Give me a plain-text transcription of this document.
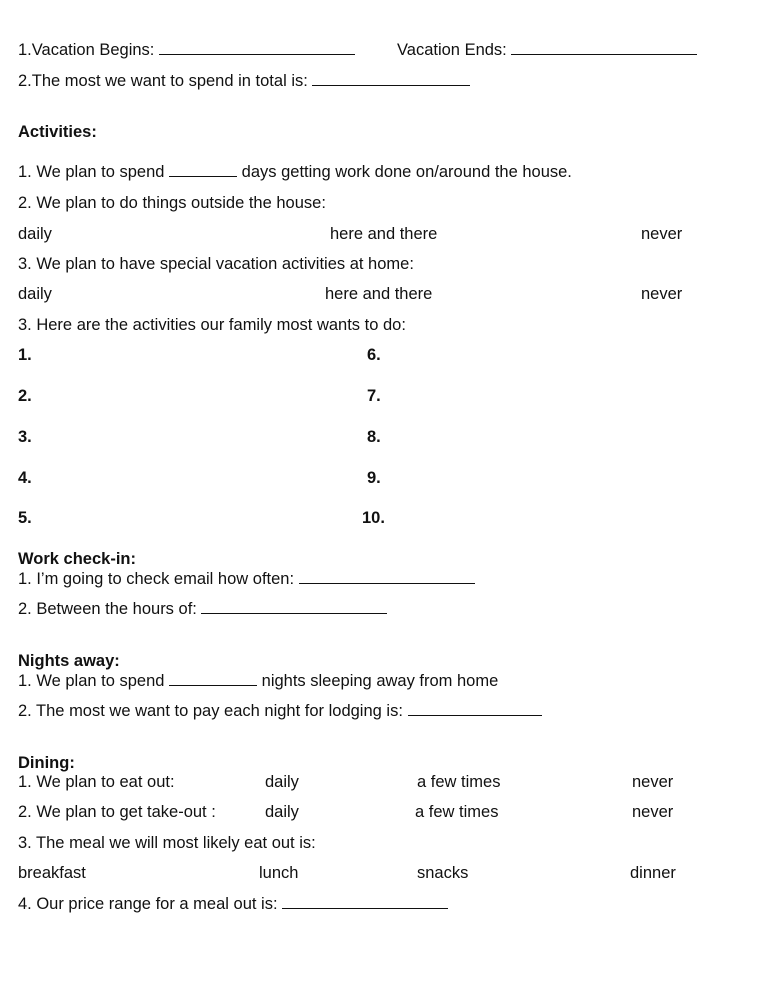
1.Vacation Begins:	Vacation Ends:
2.The most we want to spend in total is:
Activities:
1. We plan to spend	days getting work done on/around the house.
2. We plan to do things outside the house:
daily	here and there	never
3. We plan to have special vacation activities at home:
daily	here and there	never
3. Here are the activities our family most wants to do:
1.
2.
3.
4.
5.
6.
7.
8.
9.
10.
Work check-in:
1. I’m going to check email how often:
2. Between the hours of:
Nights away:
1. We plan to spend	nights sleeping away from home
2. The most we want to pay each night for lodging is:
Dining:
1. We plan to eat out:	daily	a few times	never
2. We plan to get take-out :	daily	a few times	never
3. The meal we will most likely eat out is:
breakfast	lunch	snacks	dinner
4. Our price range for a meal out is:
